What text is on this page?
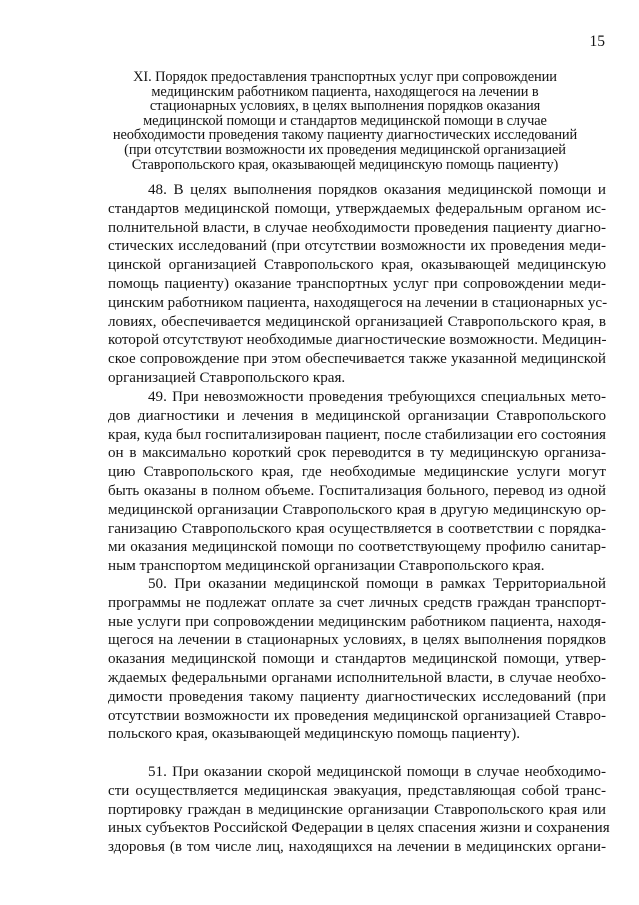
15
XI. Порядок предоставления транспортных услуг при сопровождении
медицинским работником пациента, находящегося на лечении в
стационарных условиях, в целях выполнения порядков оказания
медицинской помощи и стандартов медицинской помощи в случае
необходимости проведения такому пациенту диагностических исследований
(при отсутствии возможности их проведения медицинской организацией
Ставропольского края, оказывающей медицинскую помощь пациенту)
48. В целях выполнения порядков оказания медицинской помощи и
стандартов медицинской помощи, утверждаемых федеральным органом ис-
полнительной власти, в случае необходимости проведения пациенту диагно-
стических исследований (при отсутствии возможности их проведения меди-
цинской организацией Ставропольского края, оказывающей медицинскую
помощь пациенту) оказание транспортных услуг при сопровождении меди-
цинским работником пациента, находящегося на лечении в стационарных ус-
ловиях, обеспечивается медицинской организацией Ставропольского края, в
которой отсутствуют необходимые диагностические возможности. Медицин-
ское сопровождение при этом обеспечивается также указанной медицинской
организацией Ставропольского края.
49. При невозможности проведения требующихся специальных мето-
дов диагностики и лечения в медицинской организации Ставропольского
края, куда был госпитализирован пациент, после стабилизации его состояния
он в максимально короткий срок переводится в ту медицинскую организа-
цию Ставропольского края, где необходимые медицинские услуги могут
быть оказаны в полном объеме. Госпитализация больного, перевод из одной
медицинской организации Ставропольского края в другую медицинскую ор-
ганизацию Ставропольского края осуществляется в соответствии с порядка-
ми оказания медицинской помощи по соответствующему профилю санитар-
ным транспортом медицинской организации Ставропольского края.
50. При оказании медицинской помощи в рамках Территориальной
программы не подлежат оплате за счет личных средств граждан транспорт-
ные услуги при сопровождении медицинским работником пациента, находя-
щегося на лечении в стационарных условиях, в целях выполнения порядков
оказания медицинской помощи и стандартов медицинской помощи, утвер-
ждаемых федеральными органами исполнительной власти, в случае необхо-
димости проведения такому пациенту диагностических исследований (при
отсутствии возможности их проведения медицинской организацией Ставро-
польского края, оказывающей медицинскую помощь пациенту).
51. При оказании скорой медицинской помощи в случае необходимо-
сти осуществляется медицинская эвакуация, представляющая собой транс-
портировку граждан в медицинские организации Ставропольского края или
иных субъектов Российской Федерации в целях спасения жизни и сохранения
здоровья (в том числе лиц, находящихся на лечении в медицинских органи-
